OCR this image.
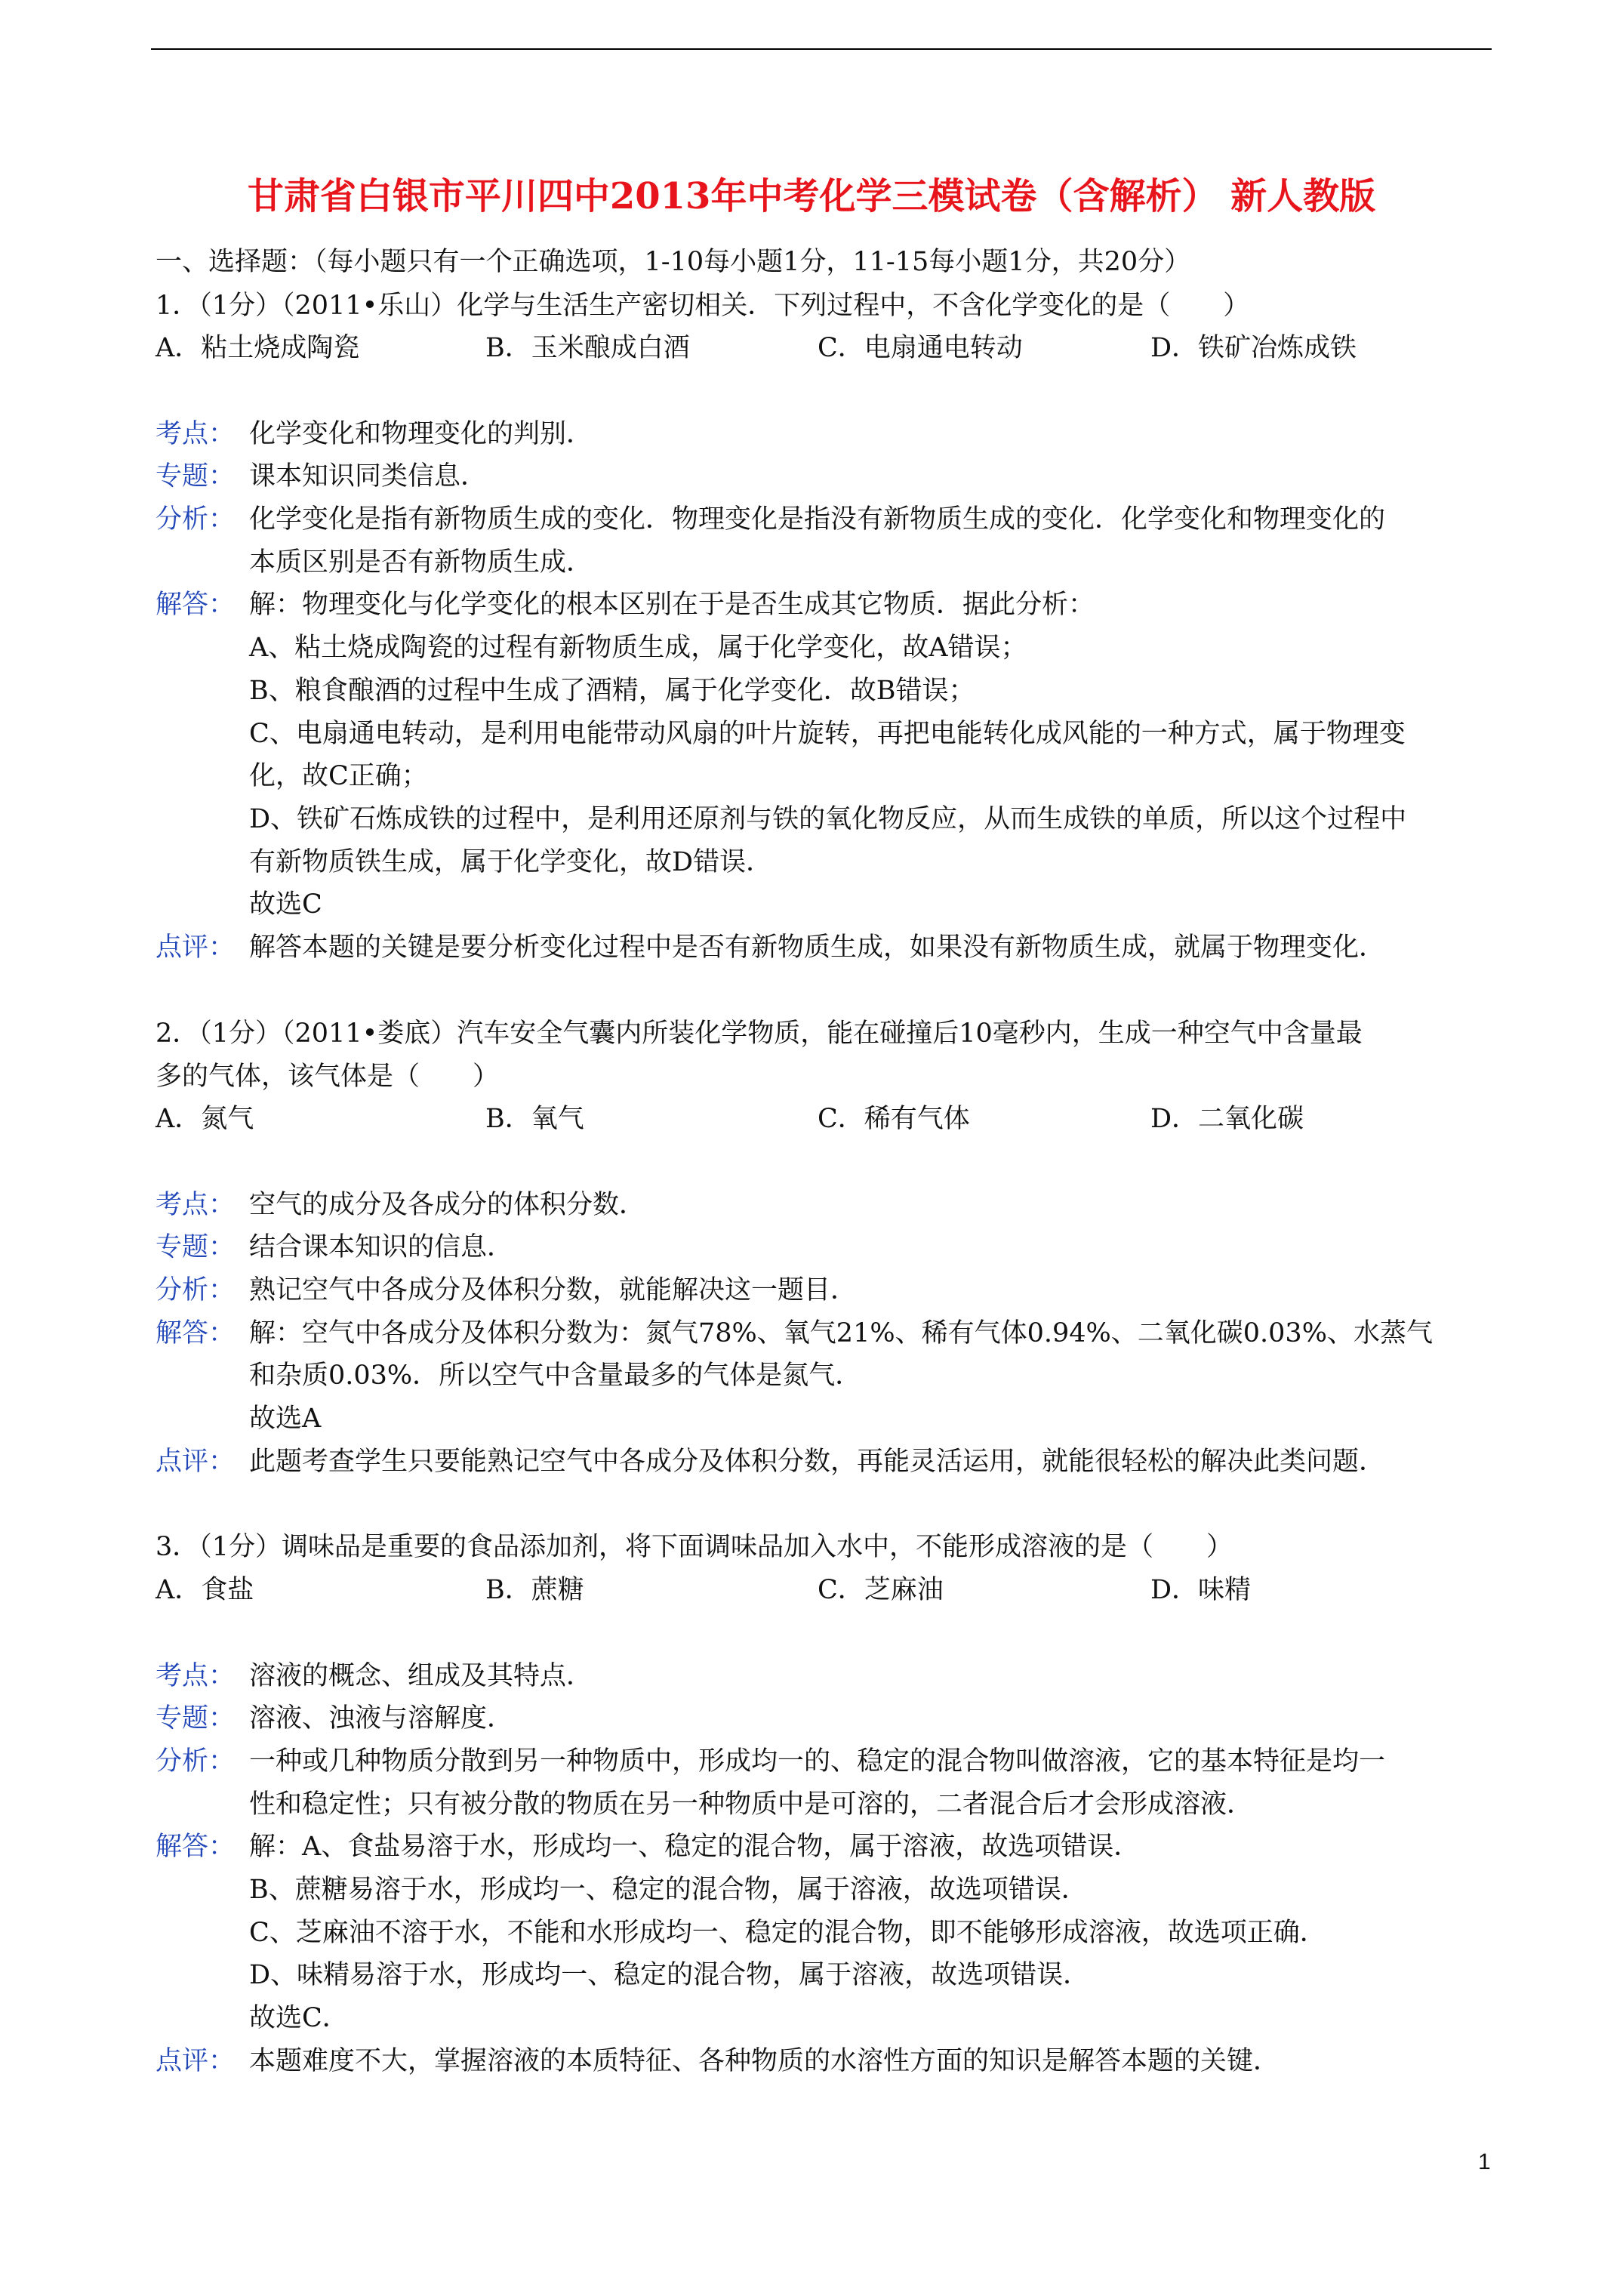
甘肃省白银市平川四中2013年中考化学三模试卷（含解析） 新人教版
一、选择题：（每小题只有一个正确选项，1-10每小题1分，11-15每小题1分，共20分）
1．（1分）（2011•乐山）化学与生活生产密切相关．下列过程中，不含化学变化的是（　　）
A．粘土烧成陶瓷	B．玉米酿成白酒	C．电扇通电转动	D．铁矿冶炼成铁
考点： 化学变化和物理变化的判别．
专题： 课本知识同类信息．
分析： 化学变化是指有新物质生成的变化．物理变化是指没有新物质生成的变化．化学变化和物理变化的
本质区别是否有新物质生成．
解答： 解：物理变化与化学变化的根本区别在于是否生成其它物质．据此分析：
A、粘土烧成陶瓷的过程有新物质生成，属于化学变化，故A错误；
B、粮食酿酒的过程中生成了酒精，属于化学变化．故B错误；
C、电扇通电转动，是利用电能带动风扇的叶片旋转，再把电能转化成风能的一种方式，属于物理变
化，故C正确；
D、铁矿石炼成铁的过程中，是利用还原剂与铁的氧化物反应，从而生成铁的单质，所以这个过程中
有新物质铁生成，属于化学变化，故D错误．
故选C
点评： 解答本题的关键是要分析变化过程中是否有新物质生成，如果没有新物质生成，就属于物理变化．
2．（1分）（2011•娄底）汽车安全气囊内所装化学物质，能在碰撞后10毫秒内，生成一种空气中含量最
多的气体，该气体是（　　）
A．氮气	B．氧气	C．稀有气体	D．二氧化碳
考点： 空气的成分及各成分的体积分数．
专题： 结合课本知识的信息．
分析： 熟记空气中各成分及体积分数，就能解决这一题目．
解答： 解：空气中各成分及体积分数为：氮气78%、氧气21%、稀有气体0.94%、二氧化碳0.03%、水蒸气
和杂质0.03%．所以空气中含量最多的气体是氮气．
故选A
点评： 此题考查学生只要能熟记空气中各成分及体积分数，再能灵活运用，就能很轻松的解决此类问题．
3．（1分）调味品是重要的食品添加剂，将下面调味品加入水中，不能形成溶液的是（　　）
A．食盐	B．蔗糖	C．芝麻油	D．味精
考点： 溶液的概念、组成及其特点．
专题： 溶液、浊液与溶解度．
分析： 一种或几种物质分散到另一种物质中，形成均一的、稳定的混合物叫做溶液，它的基本特征是均一
性和稳定性；只有被分散的物质在另一种物质中是可溶的，二者混合后才会形成溶液．
解答： 解：A、食盐易溶于水，形成均一、稳定的混合物，属于溶液，故选项错误．
B、蔗糖易溶于水，形成均一、稳定的混合物，属于溶液，故选项错误．
C、芝麻油不溶于水，不能和水形成均一、稳定的混合物，即不能够形成溶液，故选项正确．
D、味精易溶于水，形成均一、稳定的混合物，属于溶液，故选项错误．
故选C．
点评： 本题难度不大，掌握溶液的本质特征、各种物质的水溶性方面的知识是解答本题的关键．
1
